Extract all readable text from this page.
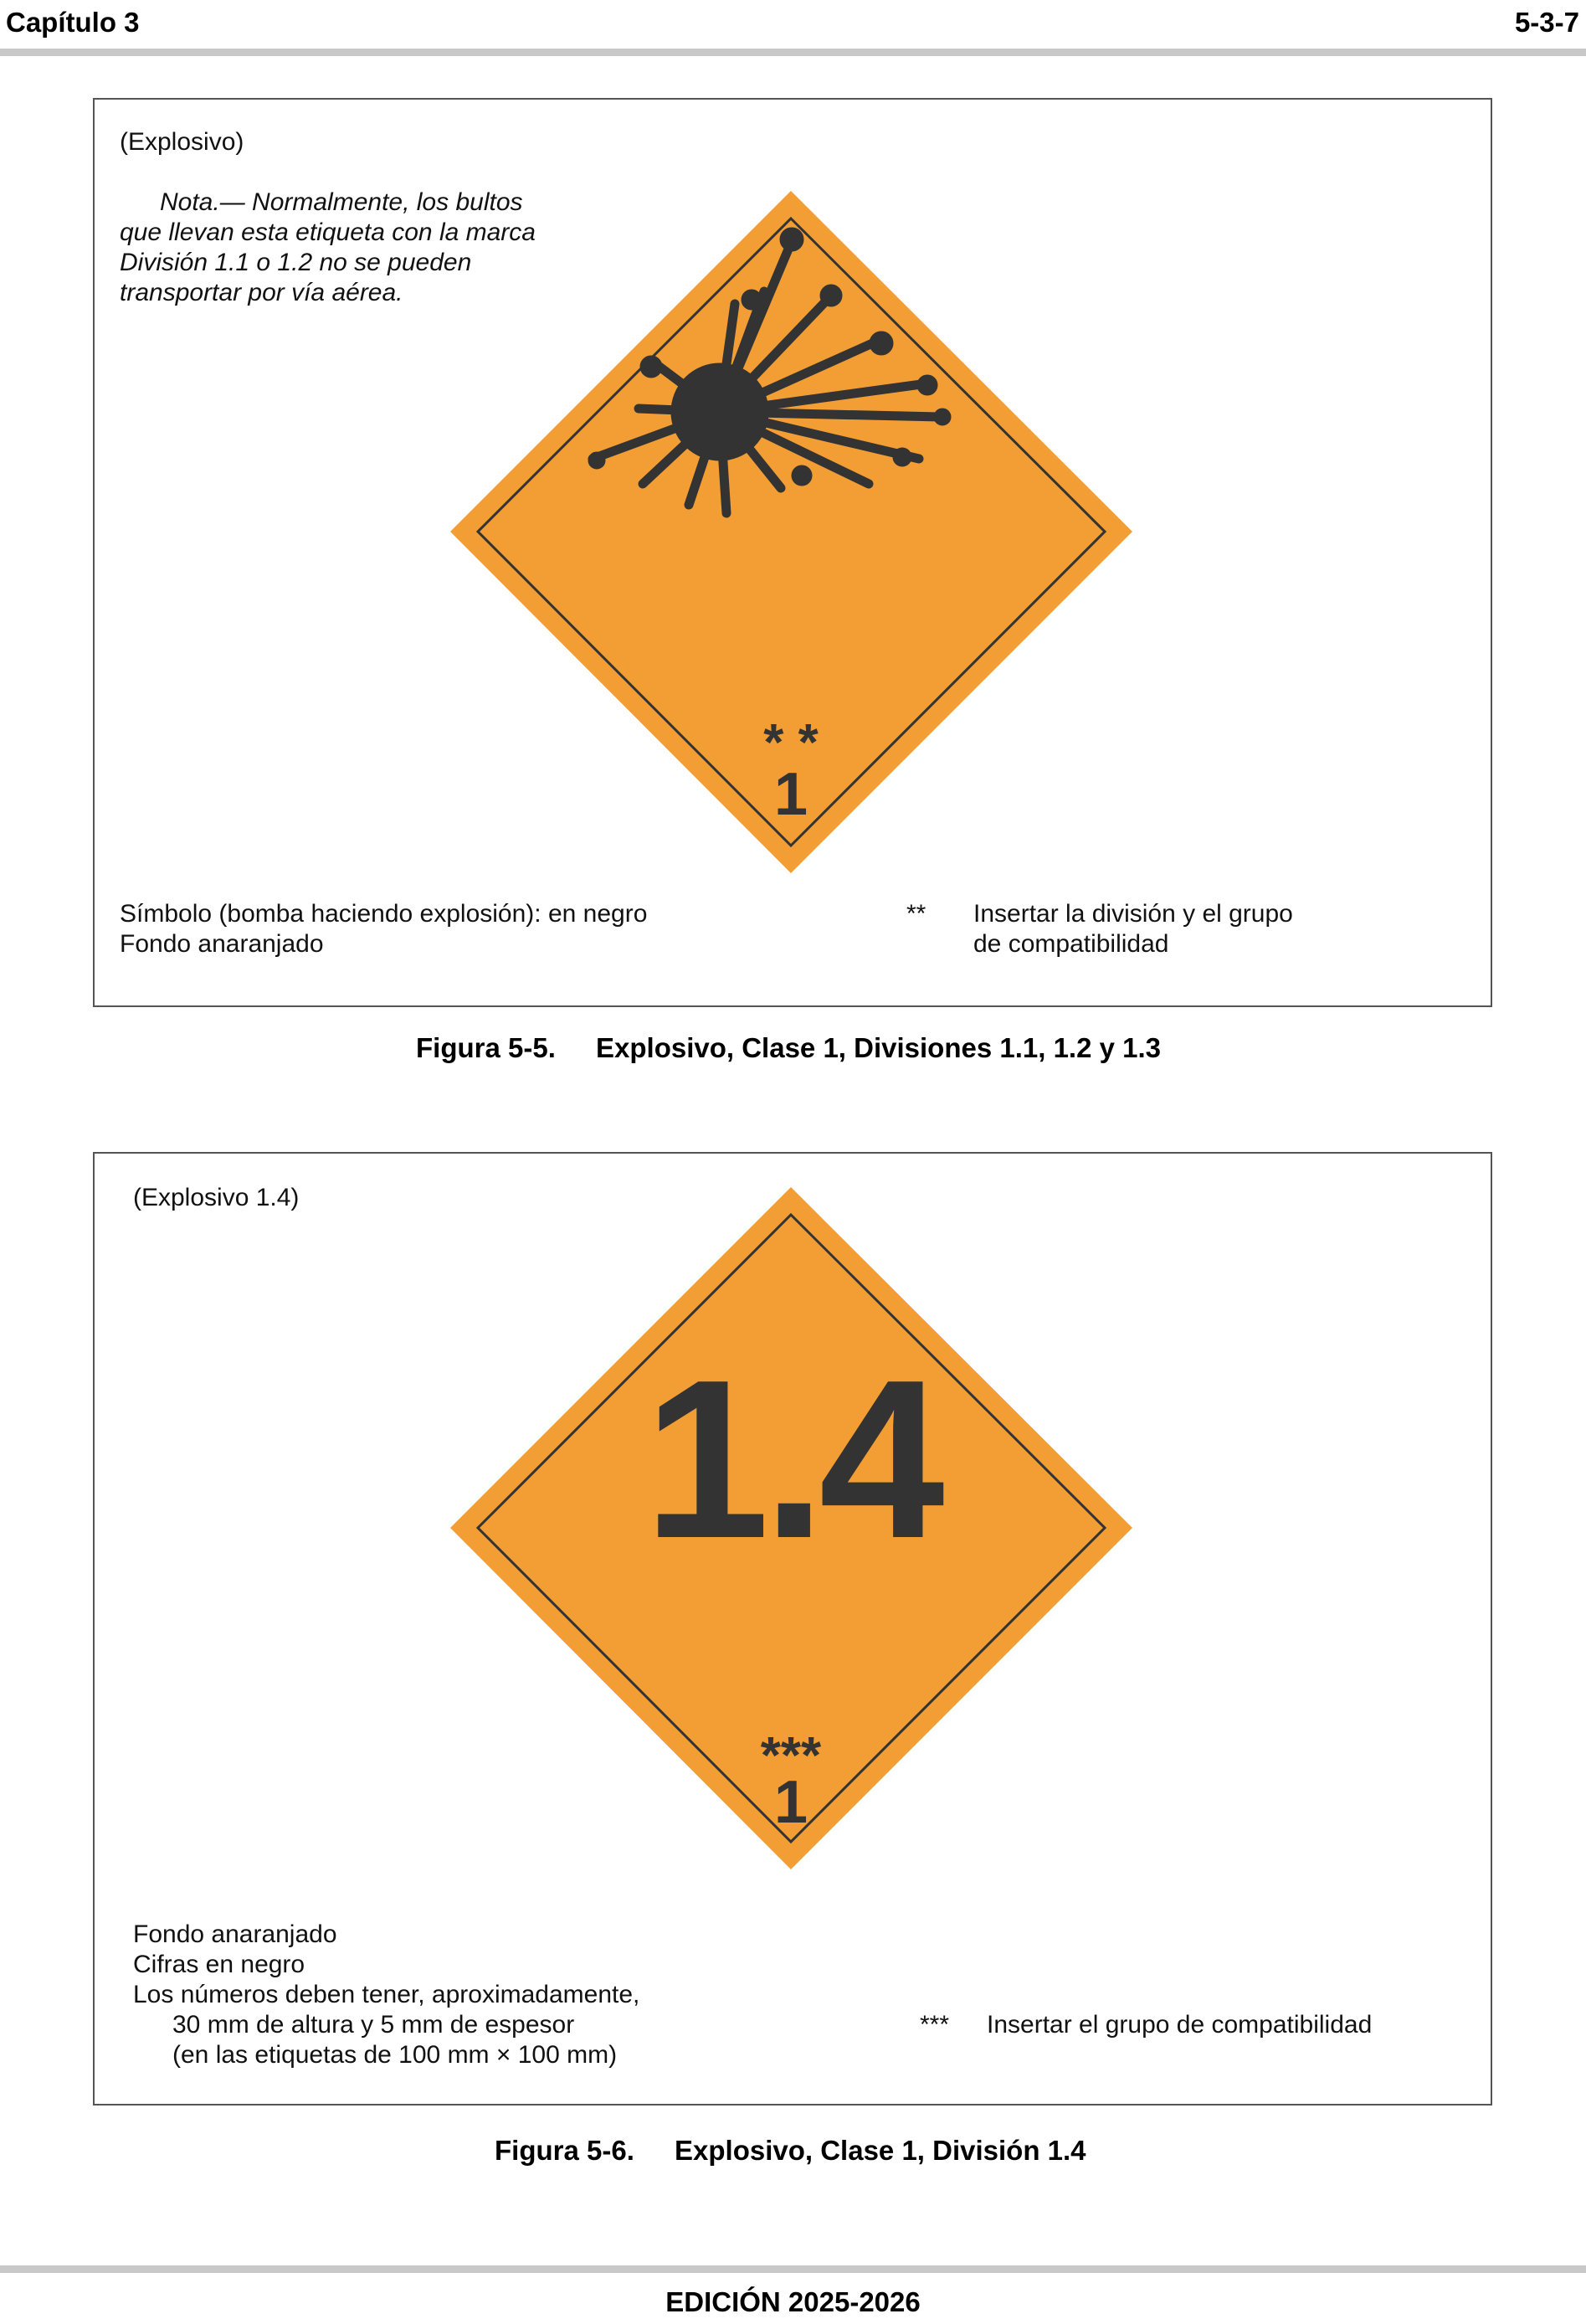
Capítulo 3	5-3-7
(Explosivo)
Nota.— Normalmente, los bultos
que llevan esta etiqueta con la marca
División 1.1 o 1.2 no se pueden
transportar por vía aérea.
Símbolo (bomba haciendo explosión): en negro
Fondo anaranjado
** Insertar la división y el grupo
de compatibilidad
* *
1
Figura 5-5. Explosivo, Clase 1, Divisiones 1.1, 1.2 y 1.3
(Explosivo 1.4)
Fondo anaranjado
Cifras en negro
Los números deben tener, aproximadamente,
30 mm de altura y 5 mm de espesor
(en las etiquetas de 100 mm × 100 mm)
*** Insertar el grupo de compatibilidad
1.4
***
1
Figura 5-6. Explosivo, Clase 1, División 1.4
EDICIÓN 2025-2026
